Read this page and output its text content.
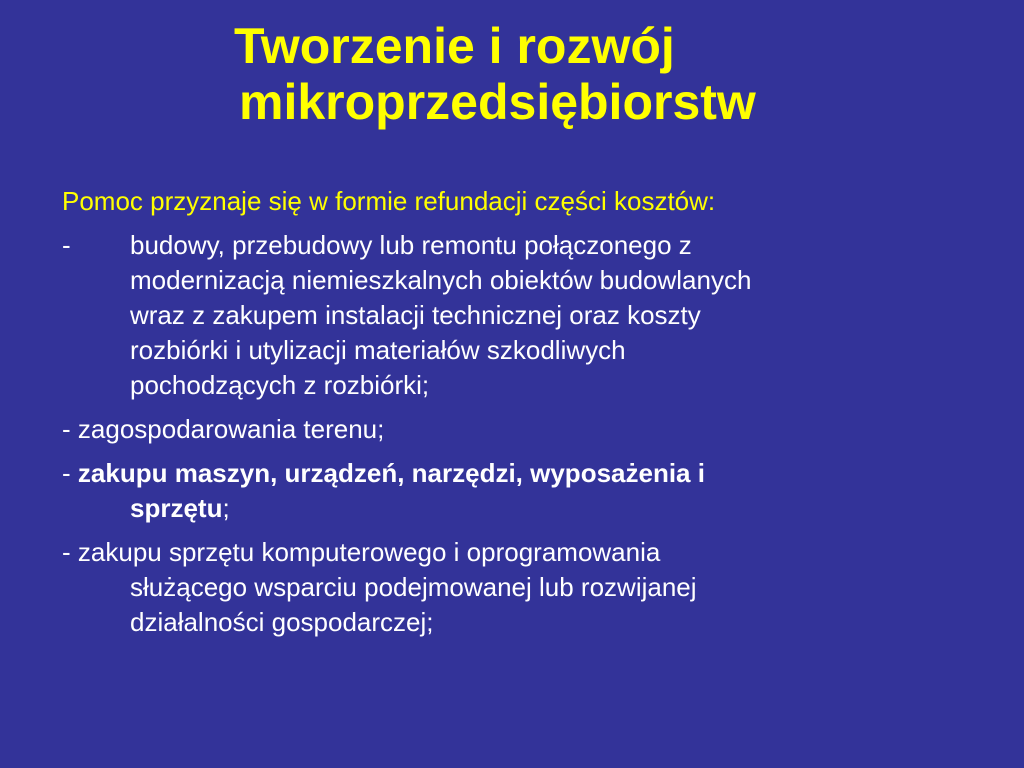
Tworzenie i rozwój
mikroprzedsiębiorstw

Pomoc przyznaje się w formie refundacji części kosztów:

- budowy, przebudowy lub remontu połączonego z
modernizacją niemieszkalnych obiektów budowlanych
wraz z zakupem instalacji technicznej oraz koszty
rozbiórki i utylizacji materiałów szkodliwych
pochodzących z rozbiórki;
- zagospodarowania terenu;
- zakupu maszyn, urządzeń, narzędzi, wyposażenia i
sprzętu;
- zakupu sprzętu komputerowego i oprogramowania
służącego wsparciu podejmowanej lub rozwijanej
działalności gospodarczej;
